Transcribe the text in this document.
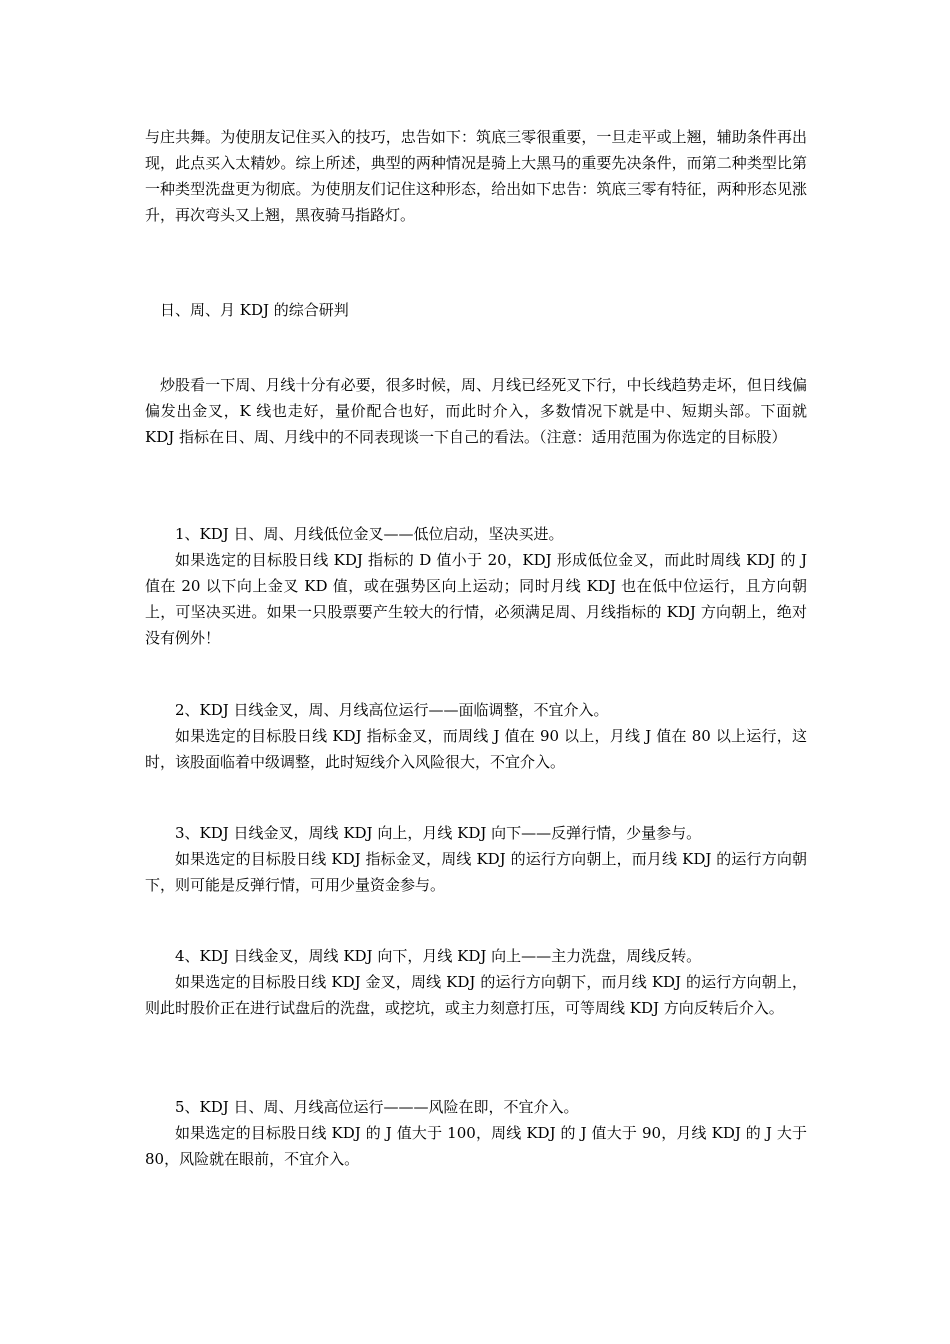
与庄共舞。为使朋友记住买入的技巧，忠告如下：筑底三零很重要，一旦走平或上翘，辅助条件再出现，此点买入太精妙。综上所述，典型的两种情况是骑上大黑马的重要先决条件，而第二种类型比第一种类型洗盘更为彻底。为使朋友们记住这种形态，给出如下忠告：筑底三零有特征，两种形态见涨升，再次弯头又上翘，黑夜骑马指路灯。

日、周、月 KDJ 的综合研判

炒股看一下周、月线十分有必要，很多时候，周、月线已经死叉下行，中长线趋势走坏，但日线偏偏发出金叉，K 线也走好，量价配合也好，而此时介入，多数情况下就是中、短期头部。下面就 KDJ 指标在日、周、月线中的不同表现谈一下自己的看法。（注意：适用范围为你选定的目标股）

1、KDJ 日、周、月线低位金叉——低位启动，坚决买进。

如果选定的目标股日线 KDJ 指标的 D 值小于 20，KDJ 形成低位金叉，而此时周线 KDJ 的 J 值在 20 以下向上金叉 KD 值，或在强势区向上运动；同时月线 KDJ 也在低中位运行，且方向朝上，可坚决买进。如果一只股票要产生较大的行情，必须满足周、月线指标的 KDJ 方向朝上，绝对没有例外！

2、KDJ 日线金叉，周、月线高位运行——面临调整，不宜介入。

如果选定的目标股日线 KDJ 指标金叉，而周线 J 值在 90 以上，月线 J 值在 80 以上运行，这时，该股面临着中级调整，此时短线介入风险很大，不宜介入。

3、KDJ 日线金叉，周线 KDJ 向上，月线 KDJ 向下——反弹行情，少量参与。

如果选定的目标股日线 KDJ 指标金叉，周线 KDJ 的运行方向朝上，而月线 KDJ 的运行方向朝下，则可能是反弹行情，可用少量资金参与。

4、KDJ 日线金叉，周线 KDJ 向下，月线 KDJ 向上——主力洗盘，周线反转。

如果选定的目标股日线 KDJ 金叉，周线 KDJ 的运行方向朝下，而月线 KDJ 的运行方向朝上，则此时股价正在进行试盘后的洗盘，或挖坑，或主力刻意打压，可等周线 KDJ 方向反转后介入。

5、KDJ 日、周、月线高位运行———风险在即，不宜介入。

如果选定的目标股日线 KDJ 的 J 值大于 100，周线 KDJ 的 J 值大于 90，月线 KDJ 的 J 大于 80，风险就在眼前，不宜介入。
